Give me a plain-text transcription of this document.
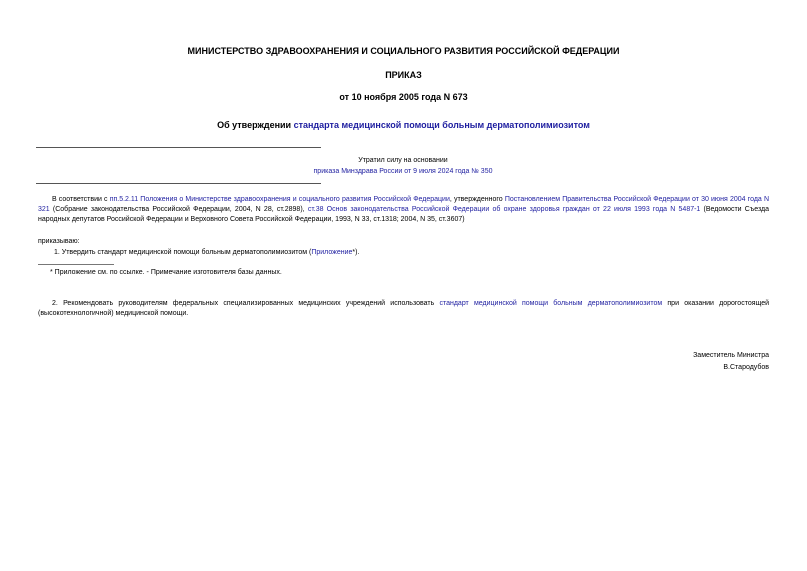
МИНИСТЕРСТВО ЗДРАВООХРАНЕНИЯ И СОЦИАЛЬНОГО РАЗВИТИЯ РОССИЙСКОЙ ФЕДЕРАЦИИ
ПРИКАЗ
от 10 ноября 2005 года N 673
Об утверждении стандарта медицинской помощи больным дерматополимиозитом
Утратил силу на основании
приказа Минздрава России от 9 июля 2024 года № 350
В соответствии с пп.5.2.11 Положения о Министерстве здравоохранения и социального развития Российской Федерации, утвержденного Постановлением Правительства Российской Федерации от 30 июня 2004 года N 321 (Собрание законодательства Российской Федерации, 2004, N 28, ст.2898), ст.38 Основ законодательства Российской Федерации об охране здоровья граждан от 22 июля 1993 года N 5487-1 (Ведомости Съезда народных депутатов Российской Федерации и Верховного Совета Российской Федерации, 1993, N 33, ст.1318; 2004, N 35, ст.3607)
приказываю:
1. Утвердить стандарт медицинской помощи больным дерматополимиозитом (Приложение*).
* Приложение см. по ссылке. - Примечание изготовителя базы данных.
2. Рекомендовать руководителям федеральных специализированных медицинских учреждений использовать стандарт медицинской помощи больным дерматополимиозитом при оказании дорогостоящей (высокотехнологичной) медицинской помощи.
Заместитель Министра
В.Стародубов
